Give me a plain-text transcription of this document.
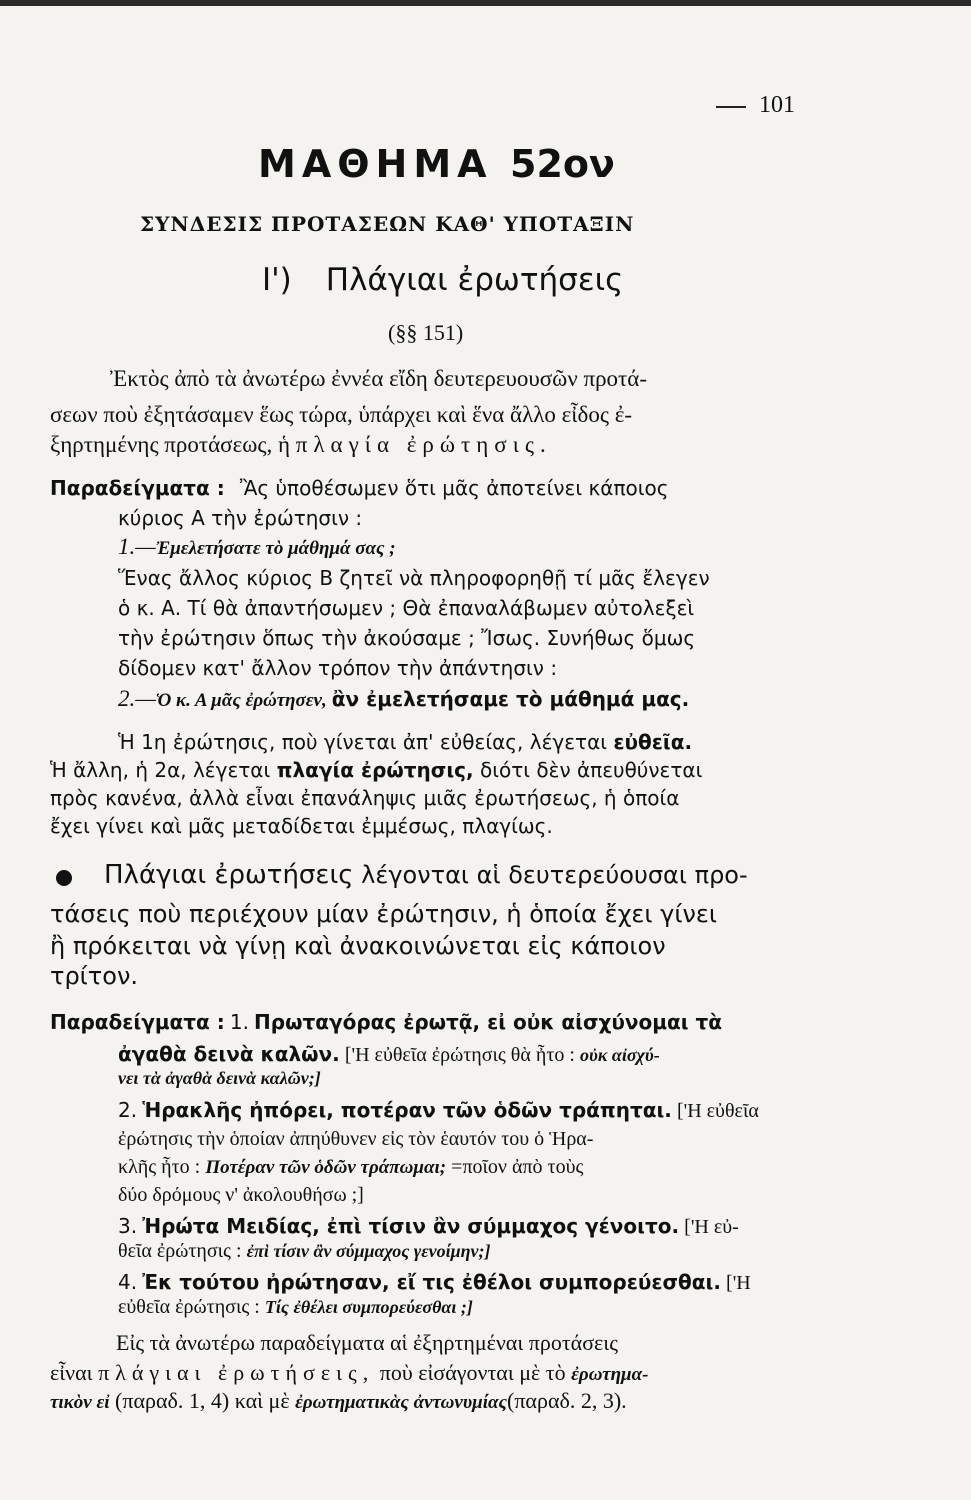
101
ΜΑΘΗΜΑ 52ον
ΣΥΝΔΕΣΙΣ ΠΡΟΤΑΣΕΩΝ ΚΑΘ' ΥΠΟΤΑΞΙΝ
Ι') Πλάγιαι ἐρωτήσεις
(§§ 151)
Ἐκτὸς ἀπὸ τὰ ἀνωτέρω ἐννέα εἴδη δευτερευουσῶν προτά-
σεων ποὺ ἐξητάσαμεν ἕως τώρα, ὑπάρχει καὶ ἕνα ἄλλο εἶδος ἐ-
ξηρτημένης προτάσεως, ἡ πλαγία ἐρώτησις.
Παραδείγματα : Ἂς ὑποθέσωμεν ὅτι μᾶς ἀποτείνει κάποιος
κύριος Α τὴν ἐρώτησιν :
1.—Ἐμελετήσατε τὸ μάθημά σας ;
Ἕνας ἄλλος κύριος Β ζητεῖ νὰ πληροφορηθῇ τί μᾶς ἔλεγεν
ὁ κ. Α. Τί θὰ ἀπαντήσωμεν ; Θὰ ἐπαναλάβωμεν αὐτολεξεὶ
τὴν ἐρώτησιν ὅπως τὴν ἀκούσαμε ; Ἴσως. Συνήθως ὅμως
δίδομεν κατ' ἄλλον τρόπον τὴν ἀπάντησιν :
2.—Ὁ κ. Α μᾶς ἐρώτησεν, ἂν ἐμελετήσαμε τὸ μάθημά μας.
Ἡ 1η ἐρώτησις, ποὺ γίνεται ἀπ' εὐθείας, λέγεται εὐθεῖα.
Ἡ ἄλλη, ἡ 2α, λέγεται πλαγία ἐρώτησις, διότι δὲν ἀπευθύνεται
πρὸς κανένα, ἀλλὰ εἶναι ἐπανάληψις μιᾶς ἐρωτήσεως, ἡ ὁποία
ἔχει γίνει καὶ μᾶς μεταδίδεται ἐμμέσως, πλαγίως.
Πλάγιαι ἐρωτήσεις λέγονται αἱ δευτερεύουσαι προ-
τάσεις ποὺ περιέχουν μίαν ἐρώτησιν, ἡ ὁποία ἔχει γίνει
ἢ πρόκειται νὰ γίνῃ καὶ ἀνακοινώνεται εἰς κάποιον
τρίτον.
Παραδείγματα : 1. Πρωταγόρας ἐρωτᾷ, εἰ οὐκ αἰσχύνομαι τὰ
ἀγαθὰ δεινὰ καλῶν. ['Η εὐθεῖα ἐρώτησις θὰ ἦτο : οὐκ αἰσχύ-
νει τὰ ἀγαθὰ δεινὰ καλῶν;]
2. Ἡρακλῆς ἠπόρει, ποτέραν τῶν ὁδῶν τράπηται. ['Η εὐθεῖα
ἐρώτησις τὴν ὁποίαν ἀπηύθυνεν εἰς τὸν ἑαυτόν του ὁ Ἡρα-
κλῆς ἦτο : Ποτέραν τῶν ὁδῶν τράπωμαι; =ποῖον ἀπὸ τοὺς
δύο δρόμους ν' ἀκολουθήσω ;]
3. Ἠρώτα Μειδίας, ἐπὶ τίσιν ἂν σύμμαχος γένοιτο. ['Η εὐ-
θεῖα ἐρώτησις : ἐπὶ τίσιν ἂν σύμμαχος γενοίμην;]
4. Ἐκ τούτου ἠρώτησαν, εἴ τις ἐθέλοι συμπορεύεσθαι. ['Η
εὐθεῖα ἐρώτησις : Τίς ἐθέλει συμπορεύεσθαι ;]
Εἰς τὰ ἀνωτέρω παραδείγματα αἱ ἐξηρτημέναι προτάσεις
εἶναι πλάγιαι ἐρωτήσεις, ποὺ εἰσάγονται μὲ τὸ ἐρωτημα-
τικὸν εἰ (παραδ. 1, 4) καὶ μὲ ἐρωτηματικὰς ἀντωνυμίας(παραδ. 2, 3).
